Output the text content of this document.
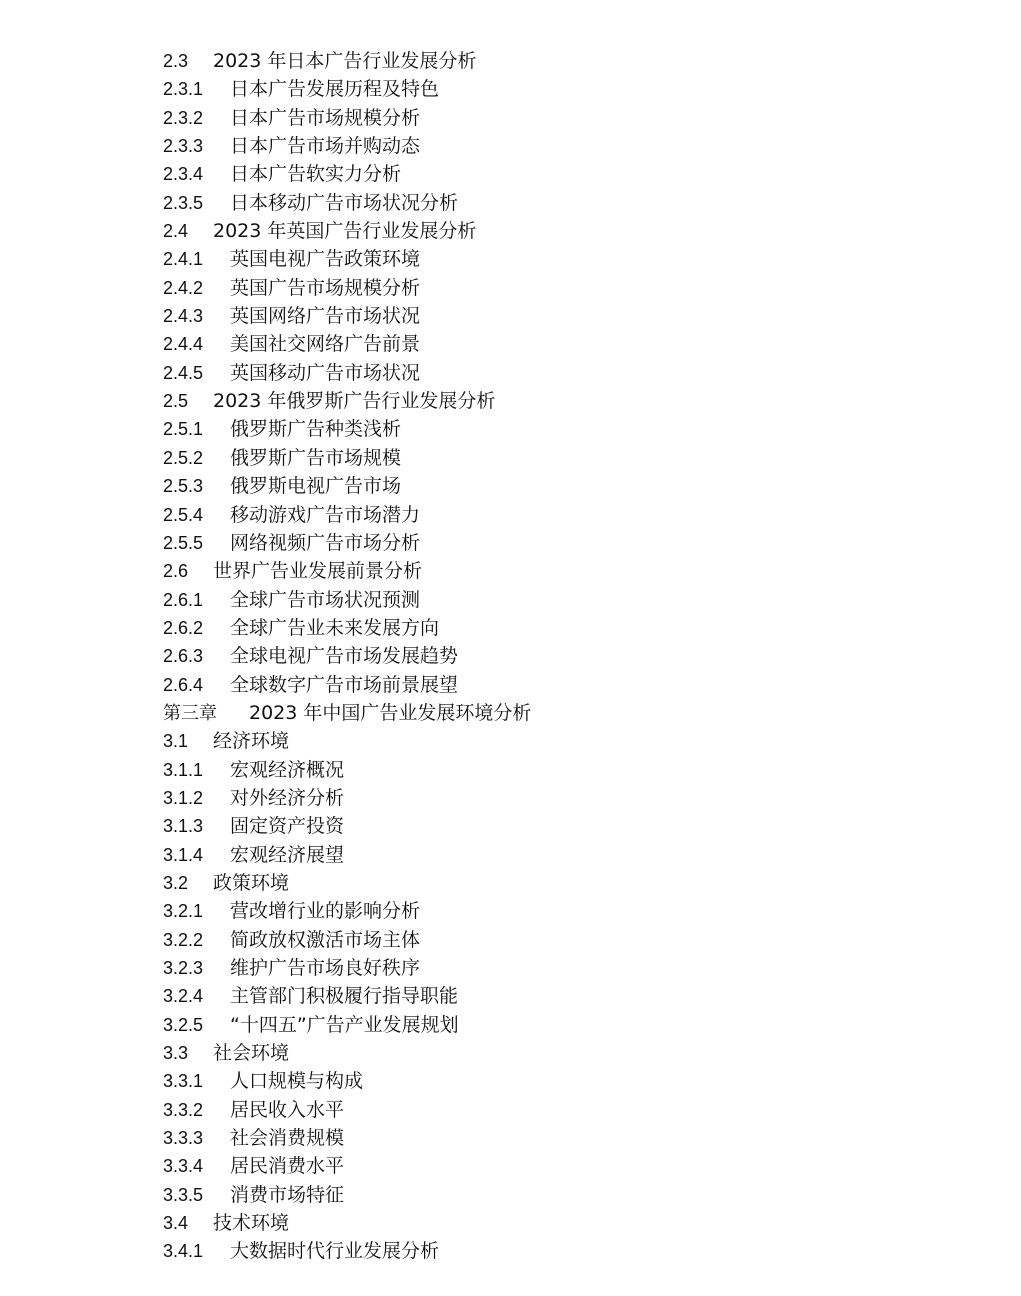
2.3 2023 年日本广告行业发展分析
2.3.1 日本广告发展历程及特色
2.3.2 日本广告市场规模分析
2.3.3 日本广告市场并购动态
2.3.4 日本广告软实力分析
2.3.5 日本移动广告市场状况分析
2.4 2023 年英国广告行业发展分析
2.4.1 英国电视广告政策环境
2.4.2 英国广告市场规模分析
2.4.3 英国网络广告市场状况
2.4.4 美国社交网络广告前景
2.4.5 英国移动广告市场状况
2.5 2023 年俄罗斯广告行业发展分析
2.5.1 俄罗斯广告种类浅析
2.5.2 俄罗斯广告市场规模
2.5.3 俄罗斯电视广告市场
2.5.4 移动游戏广告市场潜力
2.5.5 网络视频广告市场分析
2.6 世界广告业发展前景分析
2.6.1 全球广告市场状况预测
2.6.2 全球广告业未来发展方向
2.6.3 全球电视广告市场发展趋势
2.6.4 全球数字广告市场前景展望
第三章 2023 年中国广告业发展环境分析
3.1 经济环境
3.1.1 宏观经济概况
3.1.2 对外经济分析
3.1.3 固定资产投资
3.1.4 宏观经济展望
3.2 政策环境
3.2.1 营改增行业的影响分析
3.2.2 简政放权激活市场主体
3.2.3 维护广告市场良好秩序
3.2.4 主管部门积极履行指导职能
3.2.5 “十四五”广告产业发展规划
3.3 社会环境
3.3.1 人口规模与构成
3.3.2 居民收入水平
3.3.3 社会消费规模
3.3.4 居民消费水平
3.3.5 消费市场特征
3.4 技术环境
3.4.1 大数据时代行业发展分析
